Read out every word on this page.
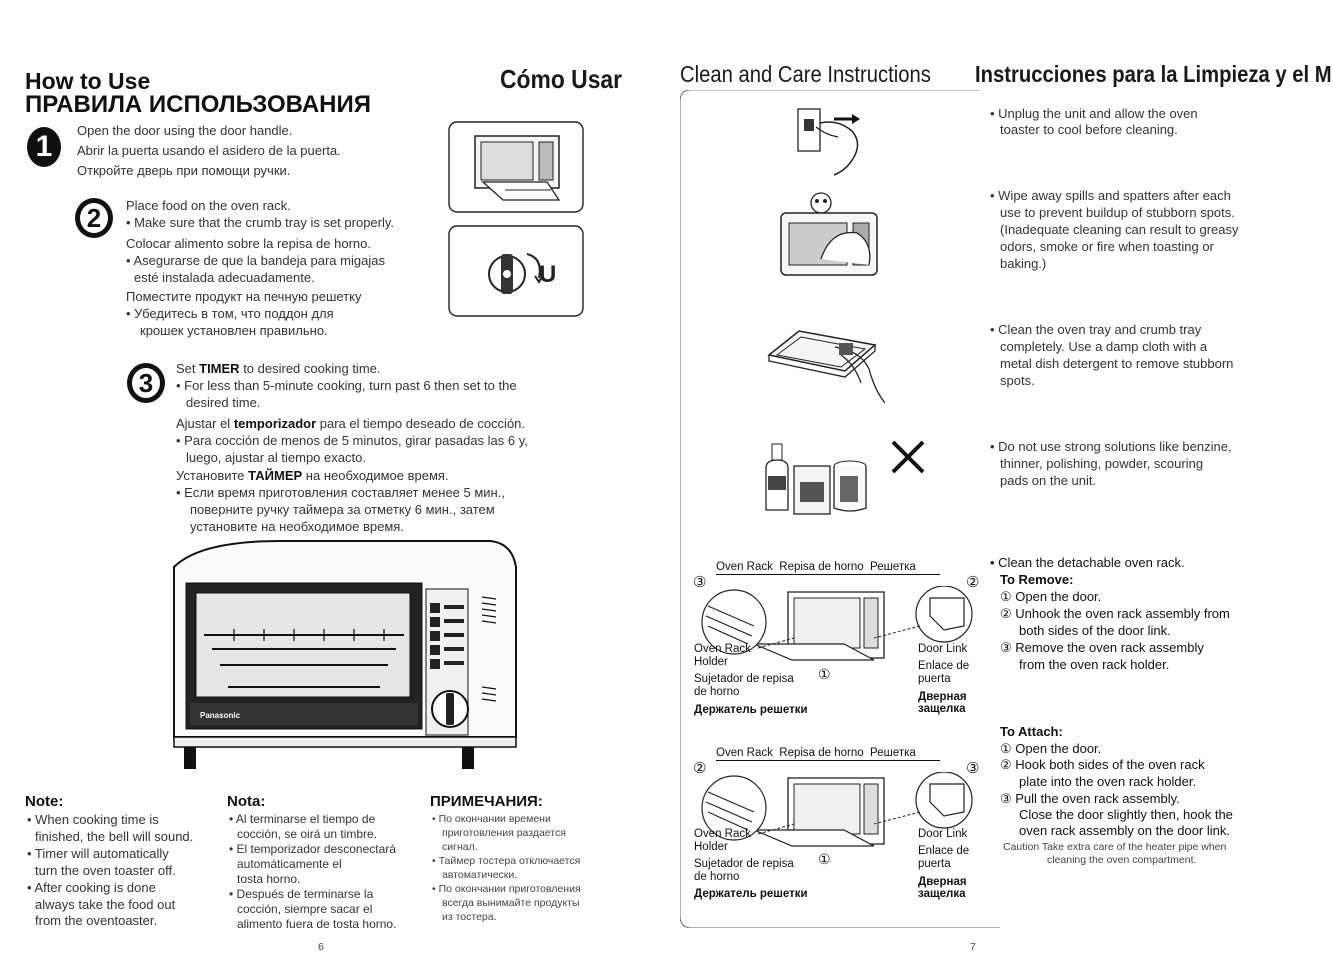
How to Use
ПРАВИЛА ИСПОЛЬЗОВАНИЯ
Cómo Usar
1	Open the door using the door handle.
Abrir la puerta usando el asidero de la puerta.
Откройте дверь при помощи ручки.
2	Place food on the oven rack.
• Make sure that the crumb tray is set properly.
Colocar alimento sobre la repisa de horno.
• Asegurarse de que la bandeja para migajas
esté instalada adecuadamente.
Поместите продукт на печную решетку
• Убедитесь в том, что поддон для
крошек установлен правильно.
U
3	Set TIMER to desired cooking time.
• For less than 5-minute cooking, turn past 6 then set to the
desired time.
Ajustar el temporizador para el tiempo deseado de cocción.
• Para cocción de menos de 5 minutos, girar pasadas las 6 y,
luego, ajustar al tiempo exacto.
Установите ТАЙМЕР на необходимое время.
• Если время приготовления составляет менее 5 мин.,
поверните ручку таймера за отметку 6 мин., затем
установите на необходимое время.
Panasonic
Note:
• When cooking time is
finished, the bell will sound.
• Timer will automatically
turn the oven toaster off.
• After cooking is done
always take the food out
from the oventoaster.
Nota:
• Al terminarse el tiempo de
cocción, se oirá un timbre.
• El temporizador desconectará
automáticamente el
tosta horno.
• Después de terminarse la
cocción, siempre sacar el
alimento fuera de tosta horno.
ПРИМЕЧАНИЯ:
• По окончании времени
приготовления раздается
сигнал.
• Таймер тостера отключается
автоматически.
• По окончании приготовления
всегда вынимайте продукты
из тостера.
6
Clean and Care Instructions Instrucciones para la Limpieza y el M
• Unplug the unit and allow the oven
toaster to cool before cleaning.
• Wipe away spills and spatters after each
use to prevent buildup of stubborn spots.
(Inadequate cleaning can result to greasy
odors, smoke or fire when toasting or
baking.)
• Clean the oven tray and crumb tray
completely. Use a damp cloth with a
metal dish detergent to remove stubborn
spots.
• Do not use strong solutions like benzine,
thinner, polishing, powder, scouring
pads on the unit.
• Clean the detachable oven rack.
To Remove:
① Open the door.
② Unhook the oven rack assembly from
both sides of the door link.
③ Remove the oven rack assembly
from the oven rack holder.
To Attach:
① Open the door.
② Hook both sides of the oven rack
plate into the oven rack holder.
③ Pull the oven rack assembly.
Close the door slightly then, hook the
oven rack assembly on the door link.
Caution Take extra care of the heater pipe when
cleaning the oven compartment.
Oven Rack  Repisa de horno  Решетка
③	②
Oven Rack
Holder
Sujetador de repisa
de horno
Держатель решетки
①
Door Link
Enlace de
puerta
Дверная
защелка
Oven Rack  Repisa de horno  Решетка
②	③
Oven Rack
Holder
Sujetador de repisa
de horno
Держатель решетки
①
Door Link
Enlace de
puerta
Дверная
защелка
7
